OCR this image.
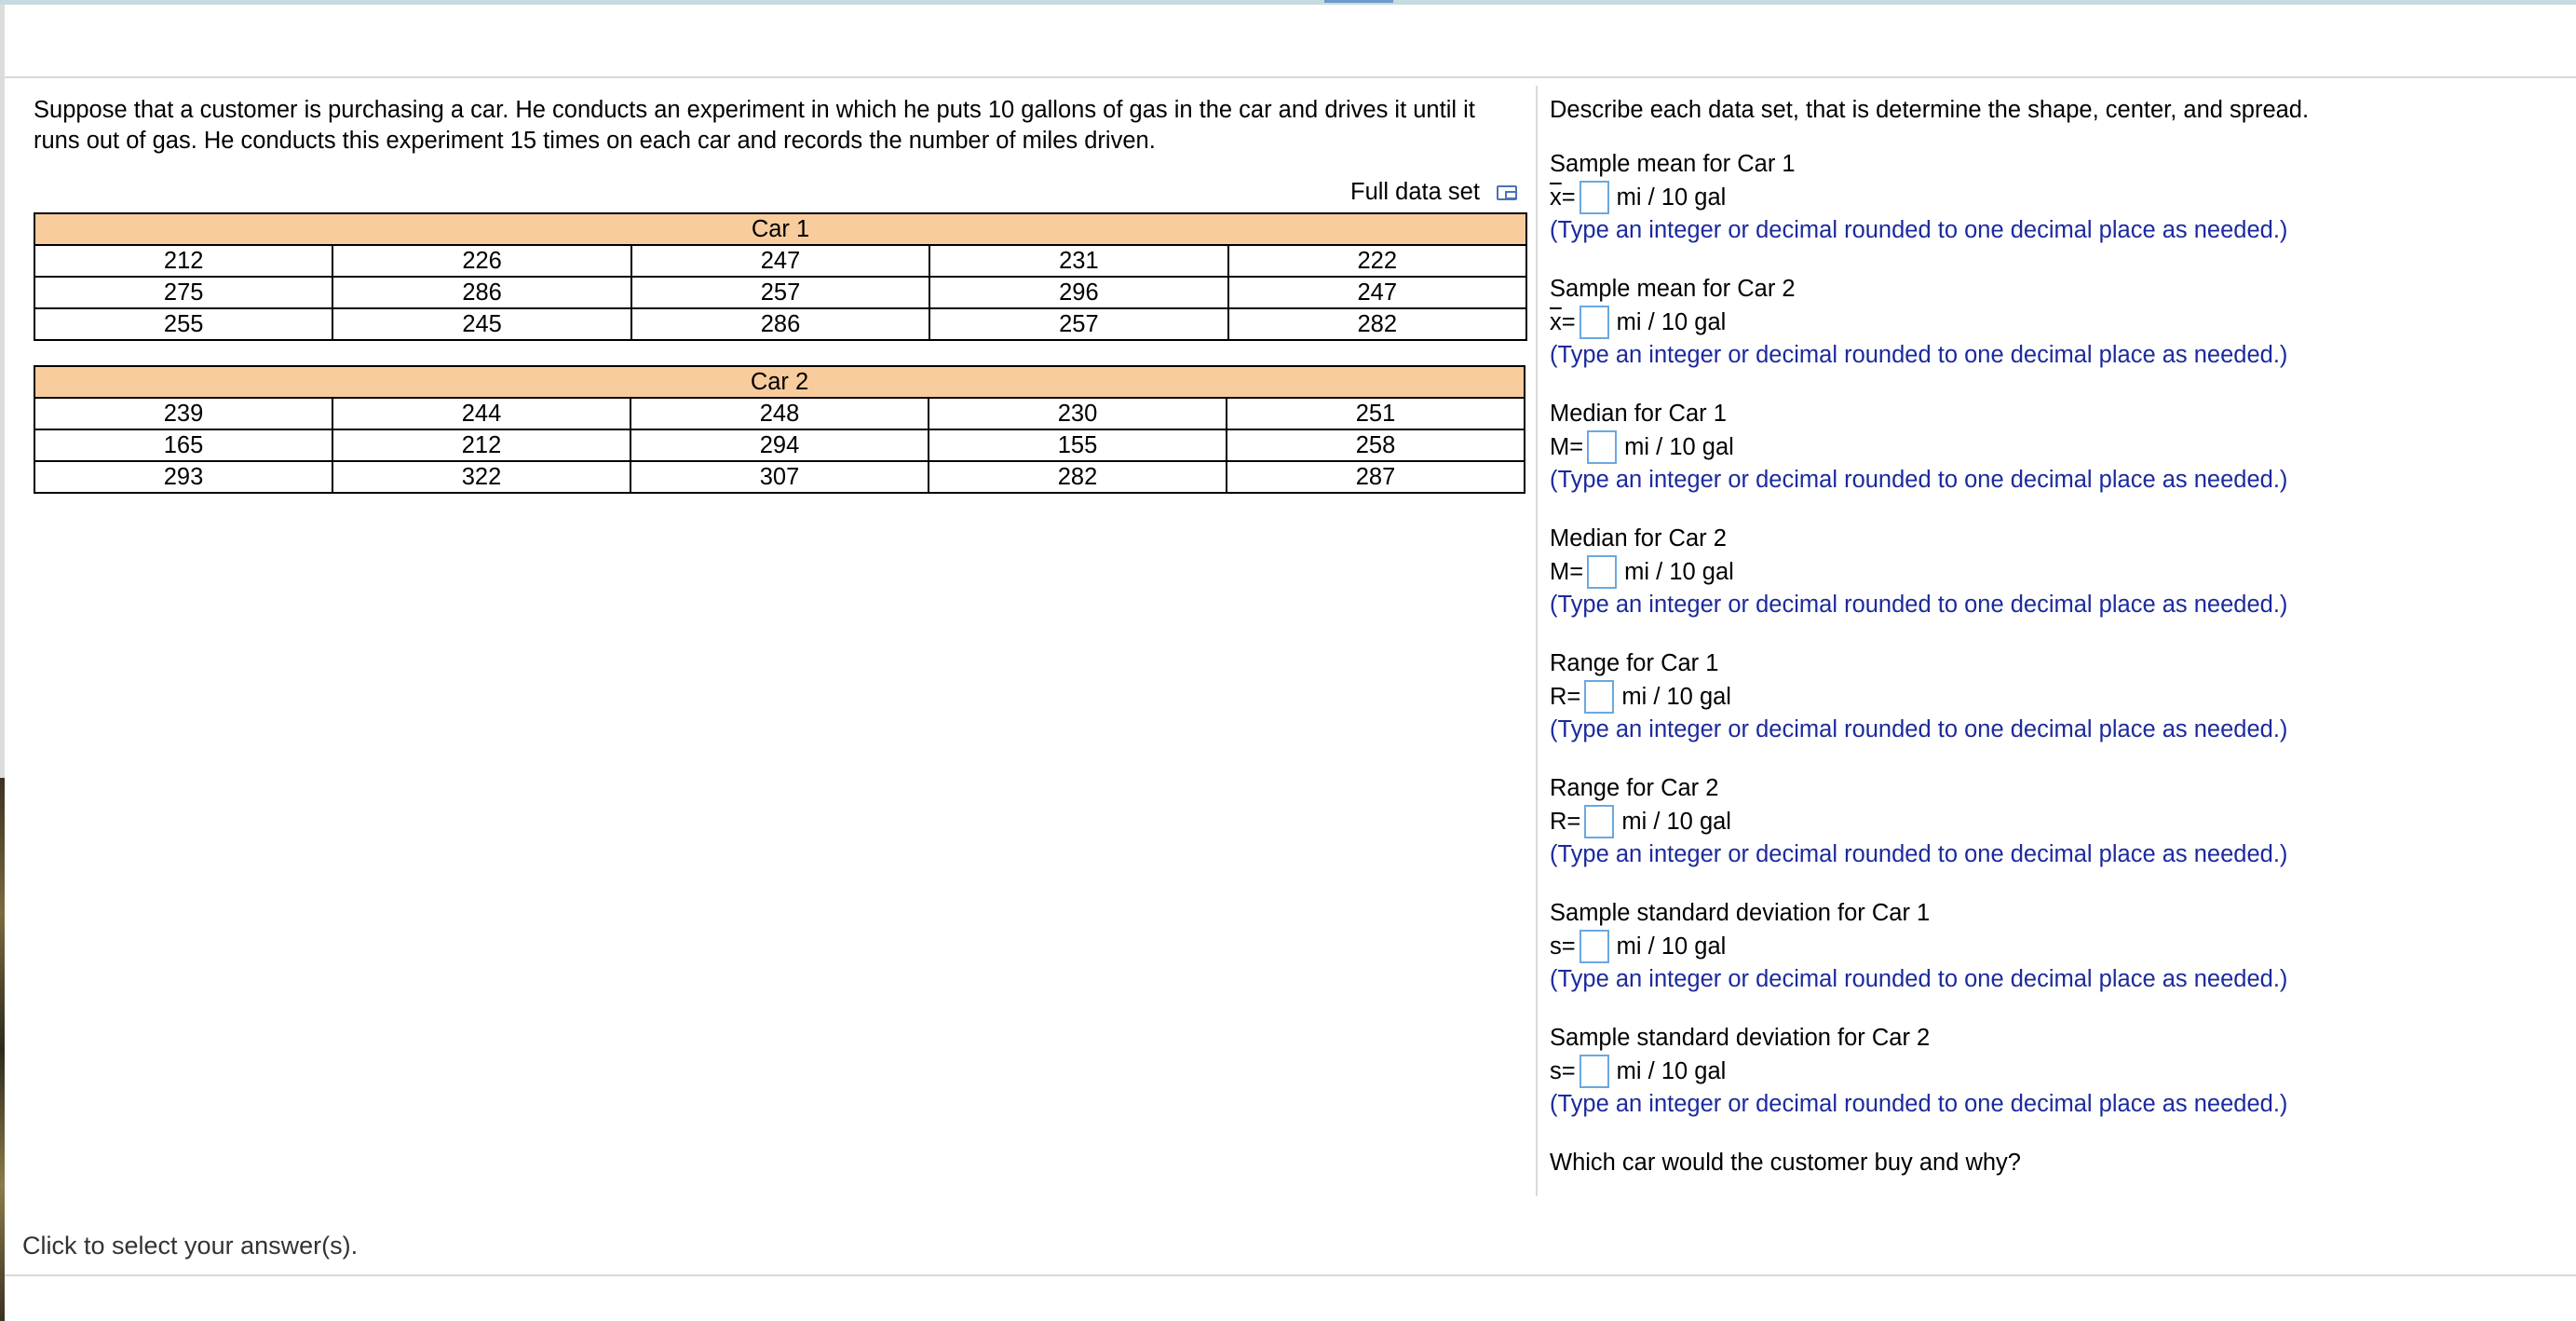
Suppose that a customer is purchasing a car. He conducts an experiment in which he puts 10 gallons of gas in the car and drives it until it
runs out of gas. He conducts this experiment 15 times on each car and records the number of miles driven.
Full data set
Car 1				
212	226	247	231	222
275	286	257	296	247
255	245	286	257	282
Car 2				
239	244	248	230	251
165	212	294	155	258
293	322	307	282	287
Describe each data set, that is determine the shape, center, and spread.
Sample mean for Car 1
$\overline{x}$ = mi / 10 gal
(Type an integer or decimal rounded to one decimal place as needed.)
Sample mean for Car 2
$\overline{x}$ = mi / 10 gal
(Type an integer or decimal rounded to one decimal place as needed.)
Median for Car 1
M = mi / 10 gal
(Type an integer or decimal rounded to one decimal place as needed.)
Median for Car 2
M = mi / 10 gal
(Type an integer or decimal rounded to one decimal place as needed.)
Range for Car 1
R = mi / 10 gal
(Type an integer or decimal rounded to one decimal place as needed.)
Range for Car 2
R = mi / 10 gal
(Type an integer or decimal rounded to one decimal place as needed.)
Sample standard deviation for Car 1
s = mi / 10 gal
(Type an integer or decimal rounded to one decimal place as needed.)
Sample standard deviation for Car 2
s = mi / 10 gal
(Type an integer or decimal rounded to one decimal place as needed.)
Which car would the customer buy and why?
Click to select your answer(s).
